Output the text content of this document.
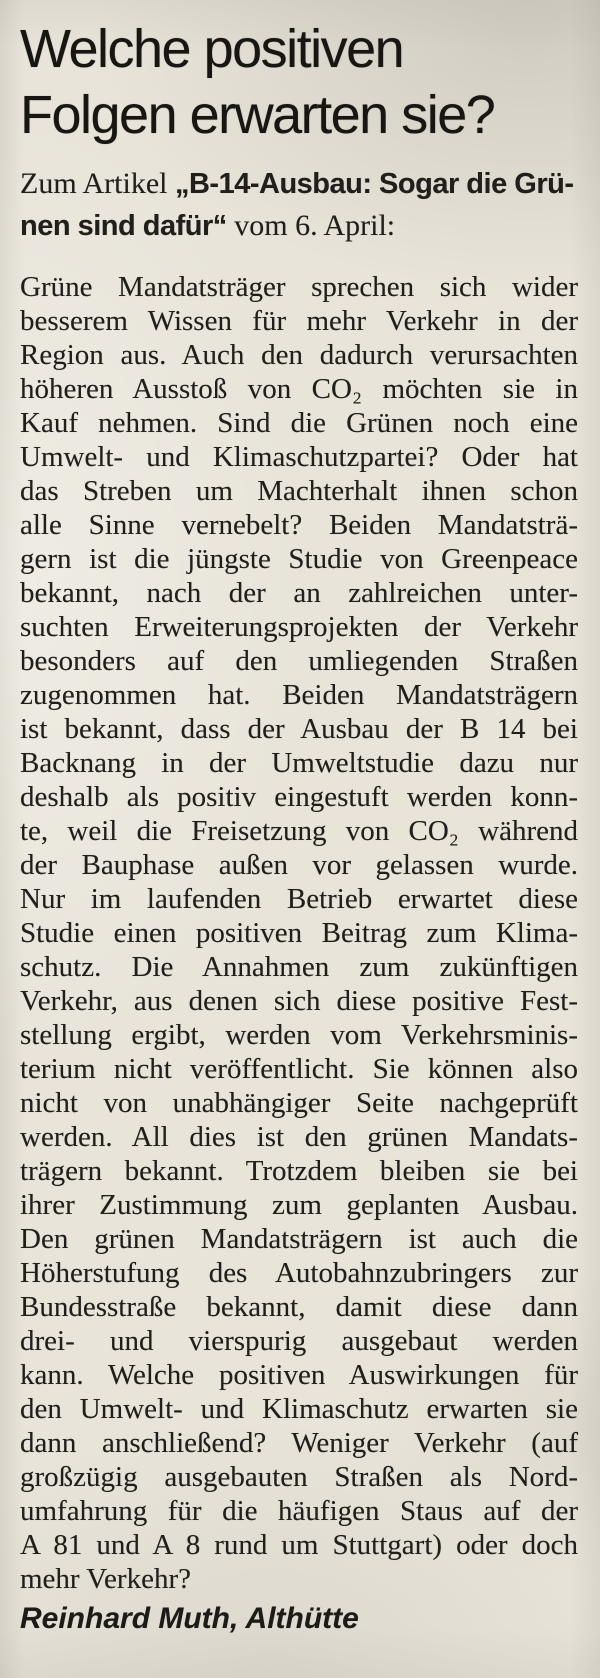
Welche positiven
Folgen erwarten sie?

Zum Artikel „B-14-Ausbau: Sogar die Grü-
nen sind dafür“ vom 6. April:

Grüne Mandatsträger sprechen sich wider
besserem Wissen für mehr Verkehr in der
Region aus. Auch den dadurch verursachten
höheren Ausstoß von CO₂ möchten sie in
Kauf nehmen. Sind die Grünen noch eine
Umwelt- und Klimaschutzpartei? Oder hat
das Streben um Machterhalt ihnen schon
alle Sinne vernebelt? Beiden Mandatsträ-
gern ist die jüngste Studie von Greenpeace
bekannt, nach der an zahlreichen unter-
suchten Erweiterungsprojekten der Verkehr
besonders auf den umliegenden Straßen
zugenommen hat. Beiden Mandatsträgern
ist bekannt, dass der Ausbau der B 14 bei
Backnang in der Umweltstudie dazu nur
deshalb als positiv eingestuft werden konn-
te, weil die Freisetzung von CO₂ während
der Bauphase außen vor gelassen wurde.
Nur im laufenden Betrieb erwartet diese
Studie einen positiven Beitrag zum Klima-
schutz. Die Annahmen zum zukünftigen
Verkehr, aus denen sich diese positive Fest-
stellung ergibt, werden vom Verkehrsminis-
terium nicht veröffentlicht. Sie können also
nicht von unabhängiger Seite nachgeprüft
werden. All dies ist den grünen Mandats-
trägern bekannt. Trotzdem bleiben sie bei
ihrer Zustimmung zum geplanten Ausbau.
Den grünen Mandatsträgern ist auch die
Höherstufung des Autobahnzubringers zur
Bundesstraße bekannt, damit diese dann
drei- und vierspurig ausgebaut werden
kann. Welche positiven Auswirkungen für
den Umwelt- und Klimaschutz erwarten sie
dann anschließend? Weniger Verkehr (auf
großzügig ausgebauten Straßen als Nord-
umfahrung für die häufigen Staus auf der
A 81 und A 8 rund um Stuttgart) oder doch
mehr Verkehr?

Reinhard Muth, Althütte
